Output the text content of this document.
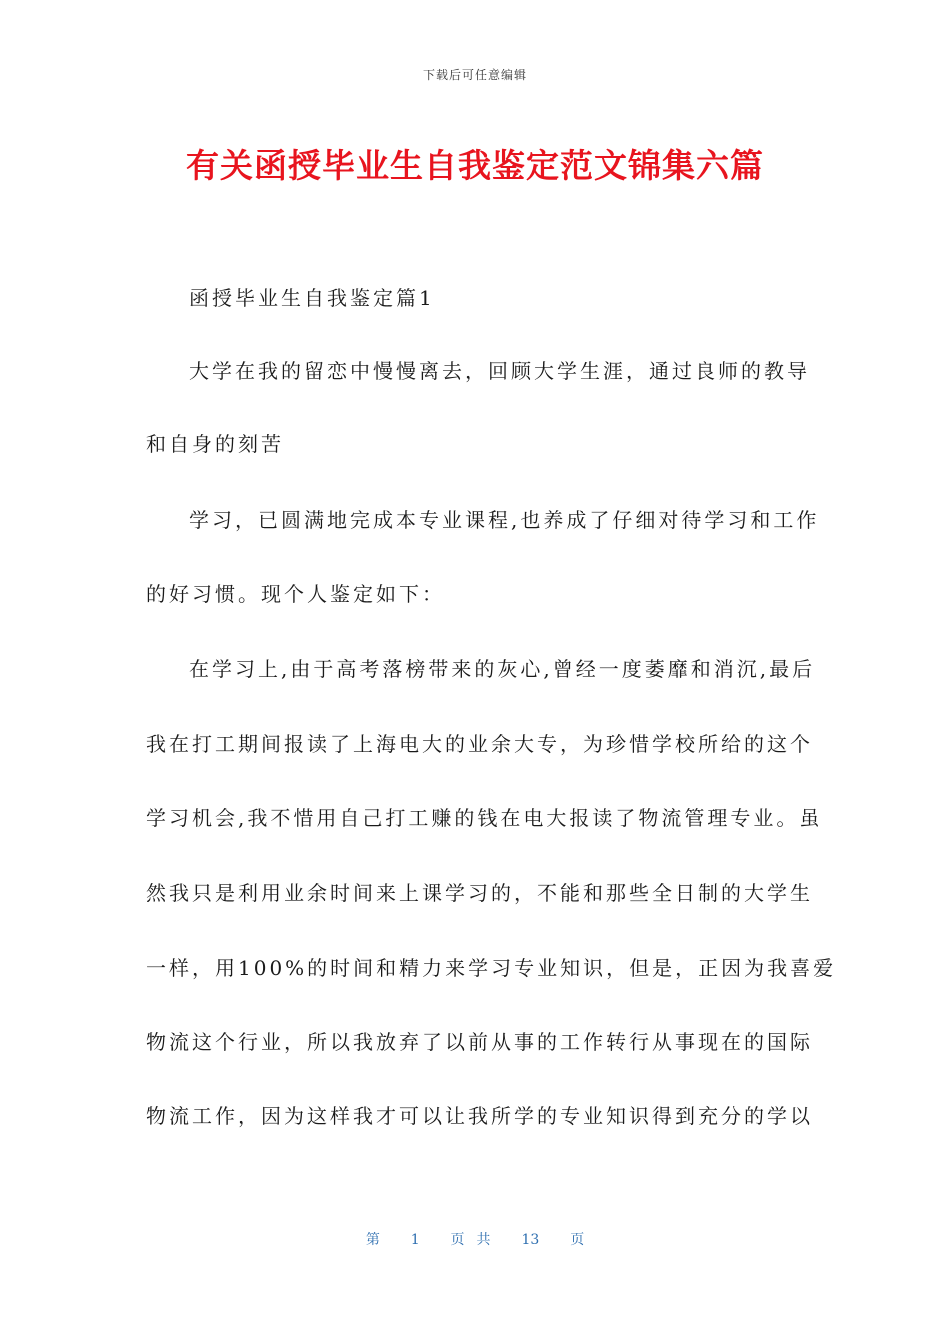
下载后可任意编辑
有关函授毕业生自我鉴定范文锦集六篇
函授毕业生自我鉴定篇1
大学在我的留恋中慢慢离去，回顾大学生涯，通过良师的教导
和自身的刻苦
学习，已圆满地完成本专业课程,也养成了仔细对待学习和工作
的好习惯。现个人鉴定如下：
在学习上,由于高考落榜带来的灰心,曾经一度萎靡和消沉,最后
我在打工期间报读了上海电大的业余大专，为珍惜学校所给的这个
学习机会,我不惜用自己打工赚的钱在电大报读了物流管理专业。虽
然我只是利用业余时间来上课学习的，不能和那些全日制的大学生
一样，用100%的时间和精力来学习专业知识，但是，正因为我喜爱
物流这个行业，所以我放弃了以前从事的工作转行从事现在的国际
物流工作，因为这样我才可以让我所学的专业知识得到充分的学以
第 1 页共 13 页
